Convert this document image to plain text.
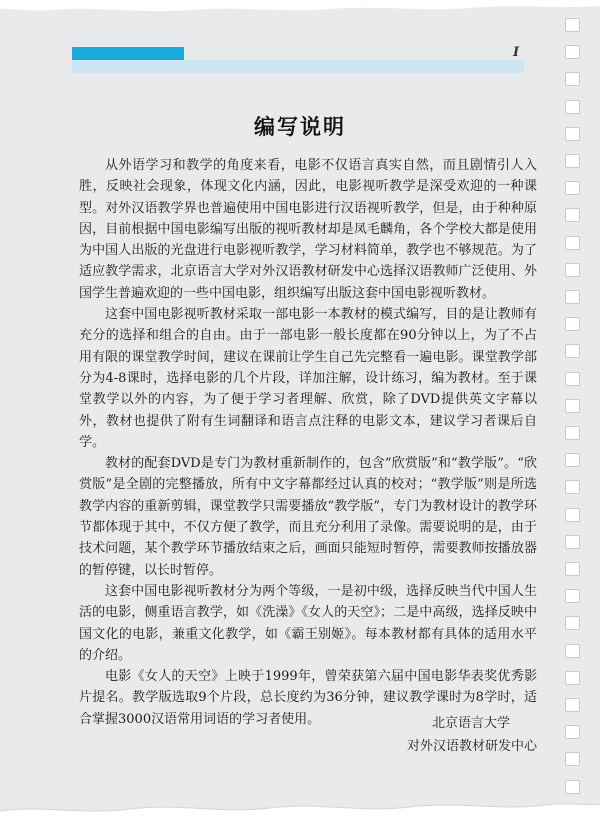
I
编写说明

从外语学习和教学的角度来看，电影不仅语言真实自然，而且剧情引人入胜，反映社会现象，体现文化内涵，因此，电影视听教学是深受欢迎的一种课型。对外汉语教学界也普遍使用中国电影进行汉语视听教学，但是，由于种种原因，目前根据中国电影编写出版的视听教材却是凤毛麟角，各个学校大都是使用为中国人出版的光盘进行电影视听教学，学习材料简单，教学也不够规范。为了适应教学需求，北京语言大学对外汉语教材研发中心选择汉语教师广泛使用、外国学生普遍欢迎的一些中国电影，组织编写出版这套中国电影视听教材。

这套中国电影视听教材采取一部电影一本教材的模式编写，目的是让教师有充分的选择和组合的自由。由于一部电影一般长度都在90分钟以上，为了不占用有限的课堂教学时间，建议在课前让学生自己先完整看一遍电影。课堂教学部分为4-8课时，选择电影的几个片段，详加注解，设计练习，编为教材。至于课堂教学以外的内容，为了便于学习者理解、欣赏，除了DVD提供英文字幕以外，教材也提供了附有生词翻译和语言点注释的电影文本，建议学习者课后自学。

教材的配套DVD是专门为教材重新制作的，包含“欣赏版”和“教学版”。“欣赏版”是全剧的完整播放，所有中文字幕都经过认真的校对；“教学版”则是所选教学内容的重新剪辑，课堂教学只需要播放“教学版”，专门为教材设计的教学环节都体现于其中，不仅方便了教学，而且充分利用了录像。需要说明的是，由于技术问题，某个教学环节播放结束之后，画面只能短时暂停，需要教师按播放器的暂停键，以长时暂停。

这套中国电影视听教材分为两个等级，一是初中级，选择反映当代中国人生活的电影，侧重语言教学，如《洗澡》《女人的天空》；二是中高级，选择反映中国文化的电影，兼重文化教学，如《霸王别姬》。每本教材都有具体的适用水平的介绍。

电影《女人的天空》上映于1999年，曾荣获第六届中国电影华表奖优秀影片提名。教学版选取9个片段，总长度约为36分钟，建议教学课时为8学时，适合掌握3000汉语常用词语的学习者使用。	北京语言大学
对外汉语教材研发中心
